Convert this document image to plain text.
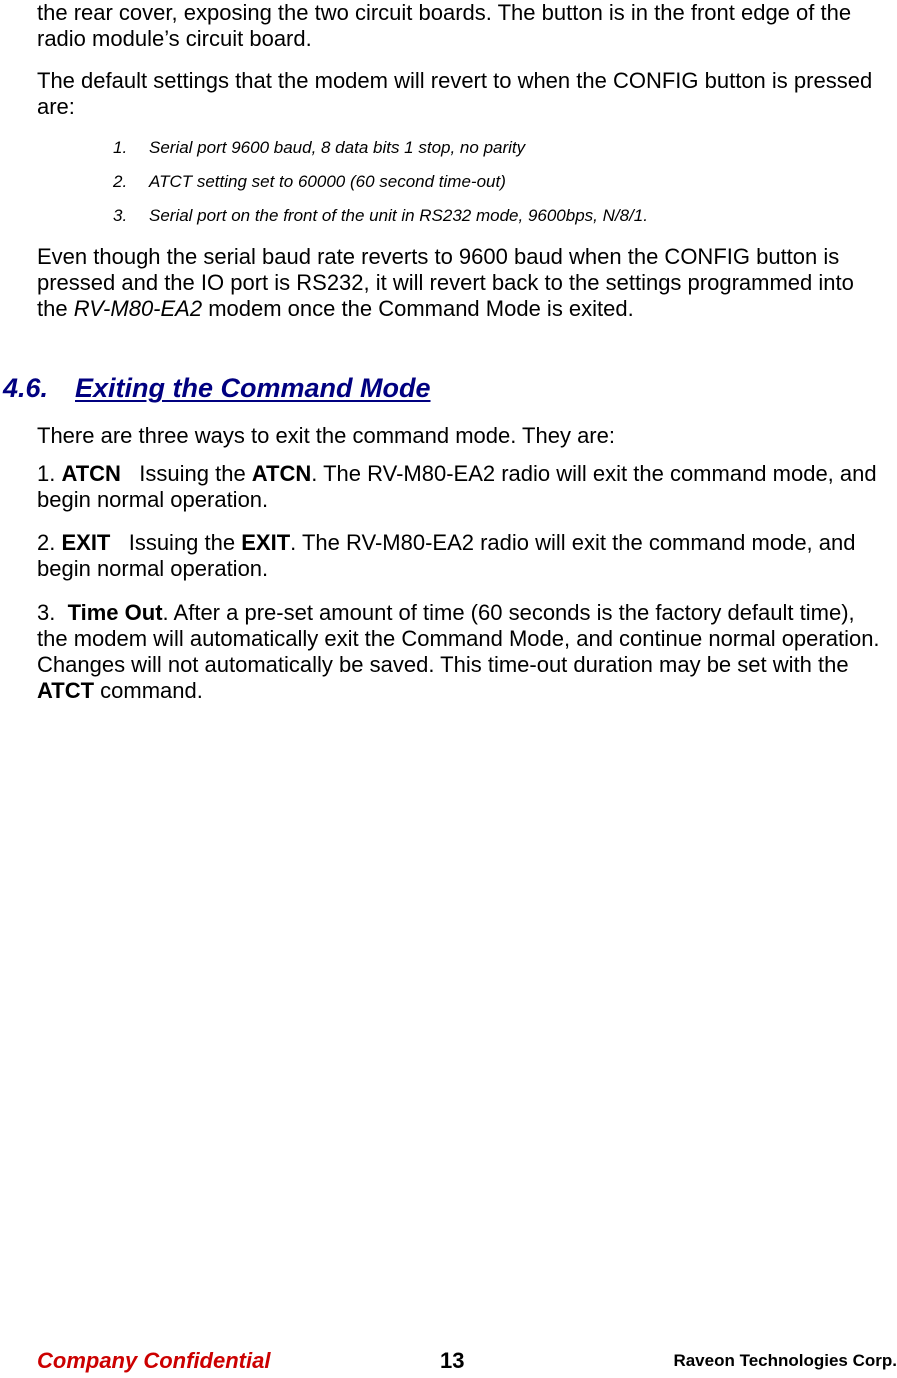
the rear cover, exposing the two circuit boards. The button is in the front edge of the radio module’s circuit board.

The default settings that the modem will revert to when the CONFIG button is pressed are:

1. Serial port 9600 baud, 8 data bits 1 stop, no parity

2. ATCT setting set to 60000 (60 second time-out)

3. Serial port on the front of the unit in RS232 mode, 9600bps, N/8/1.

Even though the serial baud rate reverts to 9600 baud when the CONFIG button is pressed and the IO port is RS232, it will revert back to the settings programmed into the RV-M80-EA2 modem once the Command Mode is exited.

4.6. Exiting the Command Mode

There are three ways to exit the command mode. They are:

1. ATCN   Issuing the ATCN. The RV-M80-EA2 radio will exit the command mode, and begin normal operation.

2. EXIT   Issuing the EXIT. The RV-M80-EA2 radio will exit the command mode, and begin normal operation.

3.  Time Out. After a pre-set amount of time (60 seconds is the factory default time), the modem will automatically exit the Command Mode, and continue normal operation. Changes will not automatically be saved. This time-out duration may be set with the ATCT command.

Company Confidential	13	Raveon Technologies Corp.
